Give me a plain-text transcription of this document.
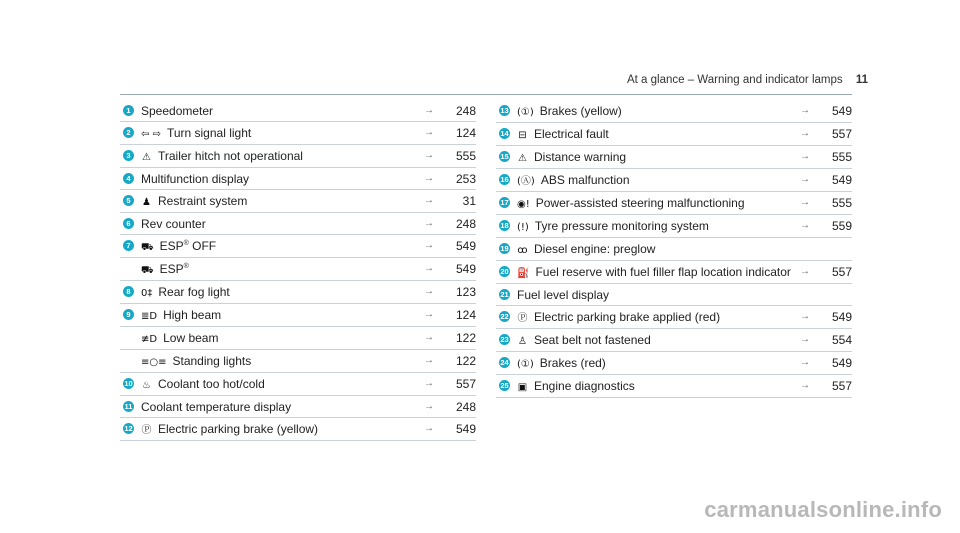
At a glance – Warning and indicator lamps 11
1 Speedometer	→	248
2	⇦ ⇨ Turn signal light	→	124
3	⚠ Trailer hitch not operational	→	555
4 Multifunction display	→	253
5	♟ Restraint system	→	31
6 Rev counter	→	248
7	⛟ ESP® OFF	→	549
⛟ ESP®	→	549
8	0‡ Rear fog light	→	123
9	≣D High beam	→	124
≢D Low beam	→	122
≡○≡ Standing lights	→	122
10 ♨ Coolant too hot/cold	→	557
11 Coolant temperature display	→	248
12 Ⓟ Electric parking brake (yellow)	→	549
13 (①) Brakes (yellow)	→	549
14 ⊟ Electrical fault	→	557
15 ⚠ Distance warning	→	555
16 (Ⓐ) ABS malfunction	→	549
17 ◉! Power-assisted steering malfunctioning	→	555
18 (!) Tyre pressure monitoring system	→	559
19 ꝏ Diesel engine: preglow
20 ⛽ Fuel reserve with fuel filler flap location indicator →	557
21 Fuel level display
22 Ⓟ Electric parking brake applied (red)	→	549
23 ♙ Seat belt not fastened	→	554
24 (①) Brakes (red)	→	549
25 ▣ Engine diagnostics	→	557
carmanualsonline.info
